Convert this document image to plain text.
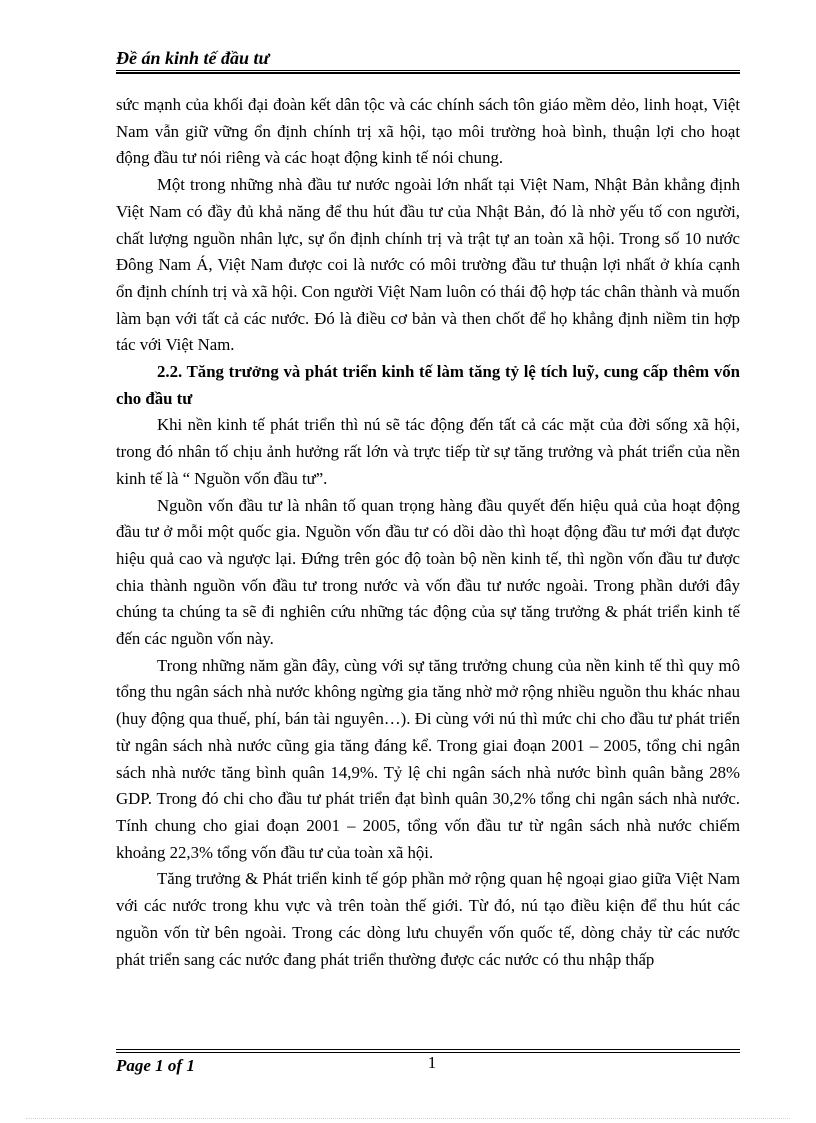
Đề án kinh tế đầu tư

sức mạnh của khối đại đoàn kết dân tộc và các chính sách tôn giáo mềm dẻo, linh hoạt, Việt Nam vẫn giữ vững ổn định chính trị xã hội, tạo môi trường hoà bình, thuận lợi cho hoạt động đầu tư nói riêng và các hoạt động kinh tế nói chung.

Một trong những nhà đầu tư nước ngoài lớn nhất tại Việt Nam, Nhật Bản khẳng định Việt Nam có đầy đủ khả năng để thu hút đầu tư của Nhật Bản, đó là nhờ yếu tố con người, chất lượng nguồn nhân lực, sự ổn định chính trị và trật tự an toàn xã hội. Trong số 10 nước Đông Nam Á, Việt Nam được coi là nước có môi trường đầu tư thuận lợi nhất ở khía cạnh ổn định chính trị và xã hội. Con người Việt Nam luôn có thái độ hợp tác chân thành và muốn làm bạn với tất cả các nước. Đó là điều cơ bản và then chốt để họ khẳng định niềm tin hợp tác với Việt Nam.

2.2. Tăng trưởng và phát triển kinh tế làm tăng tỷ lệ tích luỹ, cung cấp thêm vốn cho đầu tư

Khi nền kinh tế phát triển thì nú sẽ tác động đến tất cả các mặt của đời sống xã hội, trong đó nhân tố chịu ảnh hưởng rất lớn và trực tiếp từ sự tăng trưởng và phát triển của nền kinh tế là “ Nguồn vốn đầu tư”.

Nguồn vốn đầu tư là nhân tố quan trọng hàng đầu quyết đến hiệu quả của hoạt động đầu tư ở mỗi một quốc gia. Nguồn vốn đầu tư có dồi dào thì hoạt động đầu tư mới đạt được hiệu quả cao và ngược lại. Đứng trên góc độ toàn bộ nền kinh tế, thì ngồn vốn đầu tư được chia thành nguồn vốn đầu tư trong nước và vốn đầu tư nước ngoài. Trong phần dưới đây chúng ta chúng ta sẽ đi nghiên cứu những tác động của sự tăng trưởng & phát triển kinh tế đến các nguồn vốn này.

Trong những năm gần đây, cùng với sự tăng trưởng chung của nền kinh tế thì quy mô tổng thu ngân sách nhà nước không ngừng gia tăng nhờ mở rộng nhiều nguồn thu khác nhau (huy động qua thuế, phí, bán tài nguyên…). Đi cùng với nú thì mức chi cho đầu tư phát triển từ ngân sách nhà nước cũng gia tăng đáng kể. Trong giai đoạn 2001 – 2005, tổng chi ngân sách nhà nước tăng bình quân 14,9%. Tỷ lệ chi ngân sách nhà nước bình quân bằng 28% GDP. Trong đó chi cho đầu tư phát triển đạt bình quân 30,2% tổng chi ngân sách nhà nước. Tính chung cho giai đoạn 2001 – 2005, tổng vốn đầu tư từ ngân sách nhà nước chiếm khoảng 22,3% tổng vốn đầu tư của toàn xã hội.

Tăng trưởng & Phát triển kinh tế góp phần mở rộng quan hệ ngoại giao giữa Việt Nam với các nước trong khu vực và trên toàn thế giới. Từ đó, nú tạo điều kiện để thu hút các nguồn vốn từ bên ngoài. Trong các dòng lưu chuyển vốn quốc tế, dòng chảy từ các nước phát triển sang các nước đang phát triển thường được các nước có thu nhập thấp

Page 1 of 1	1
